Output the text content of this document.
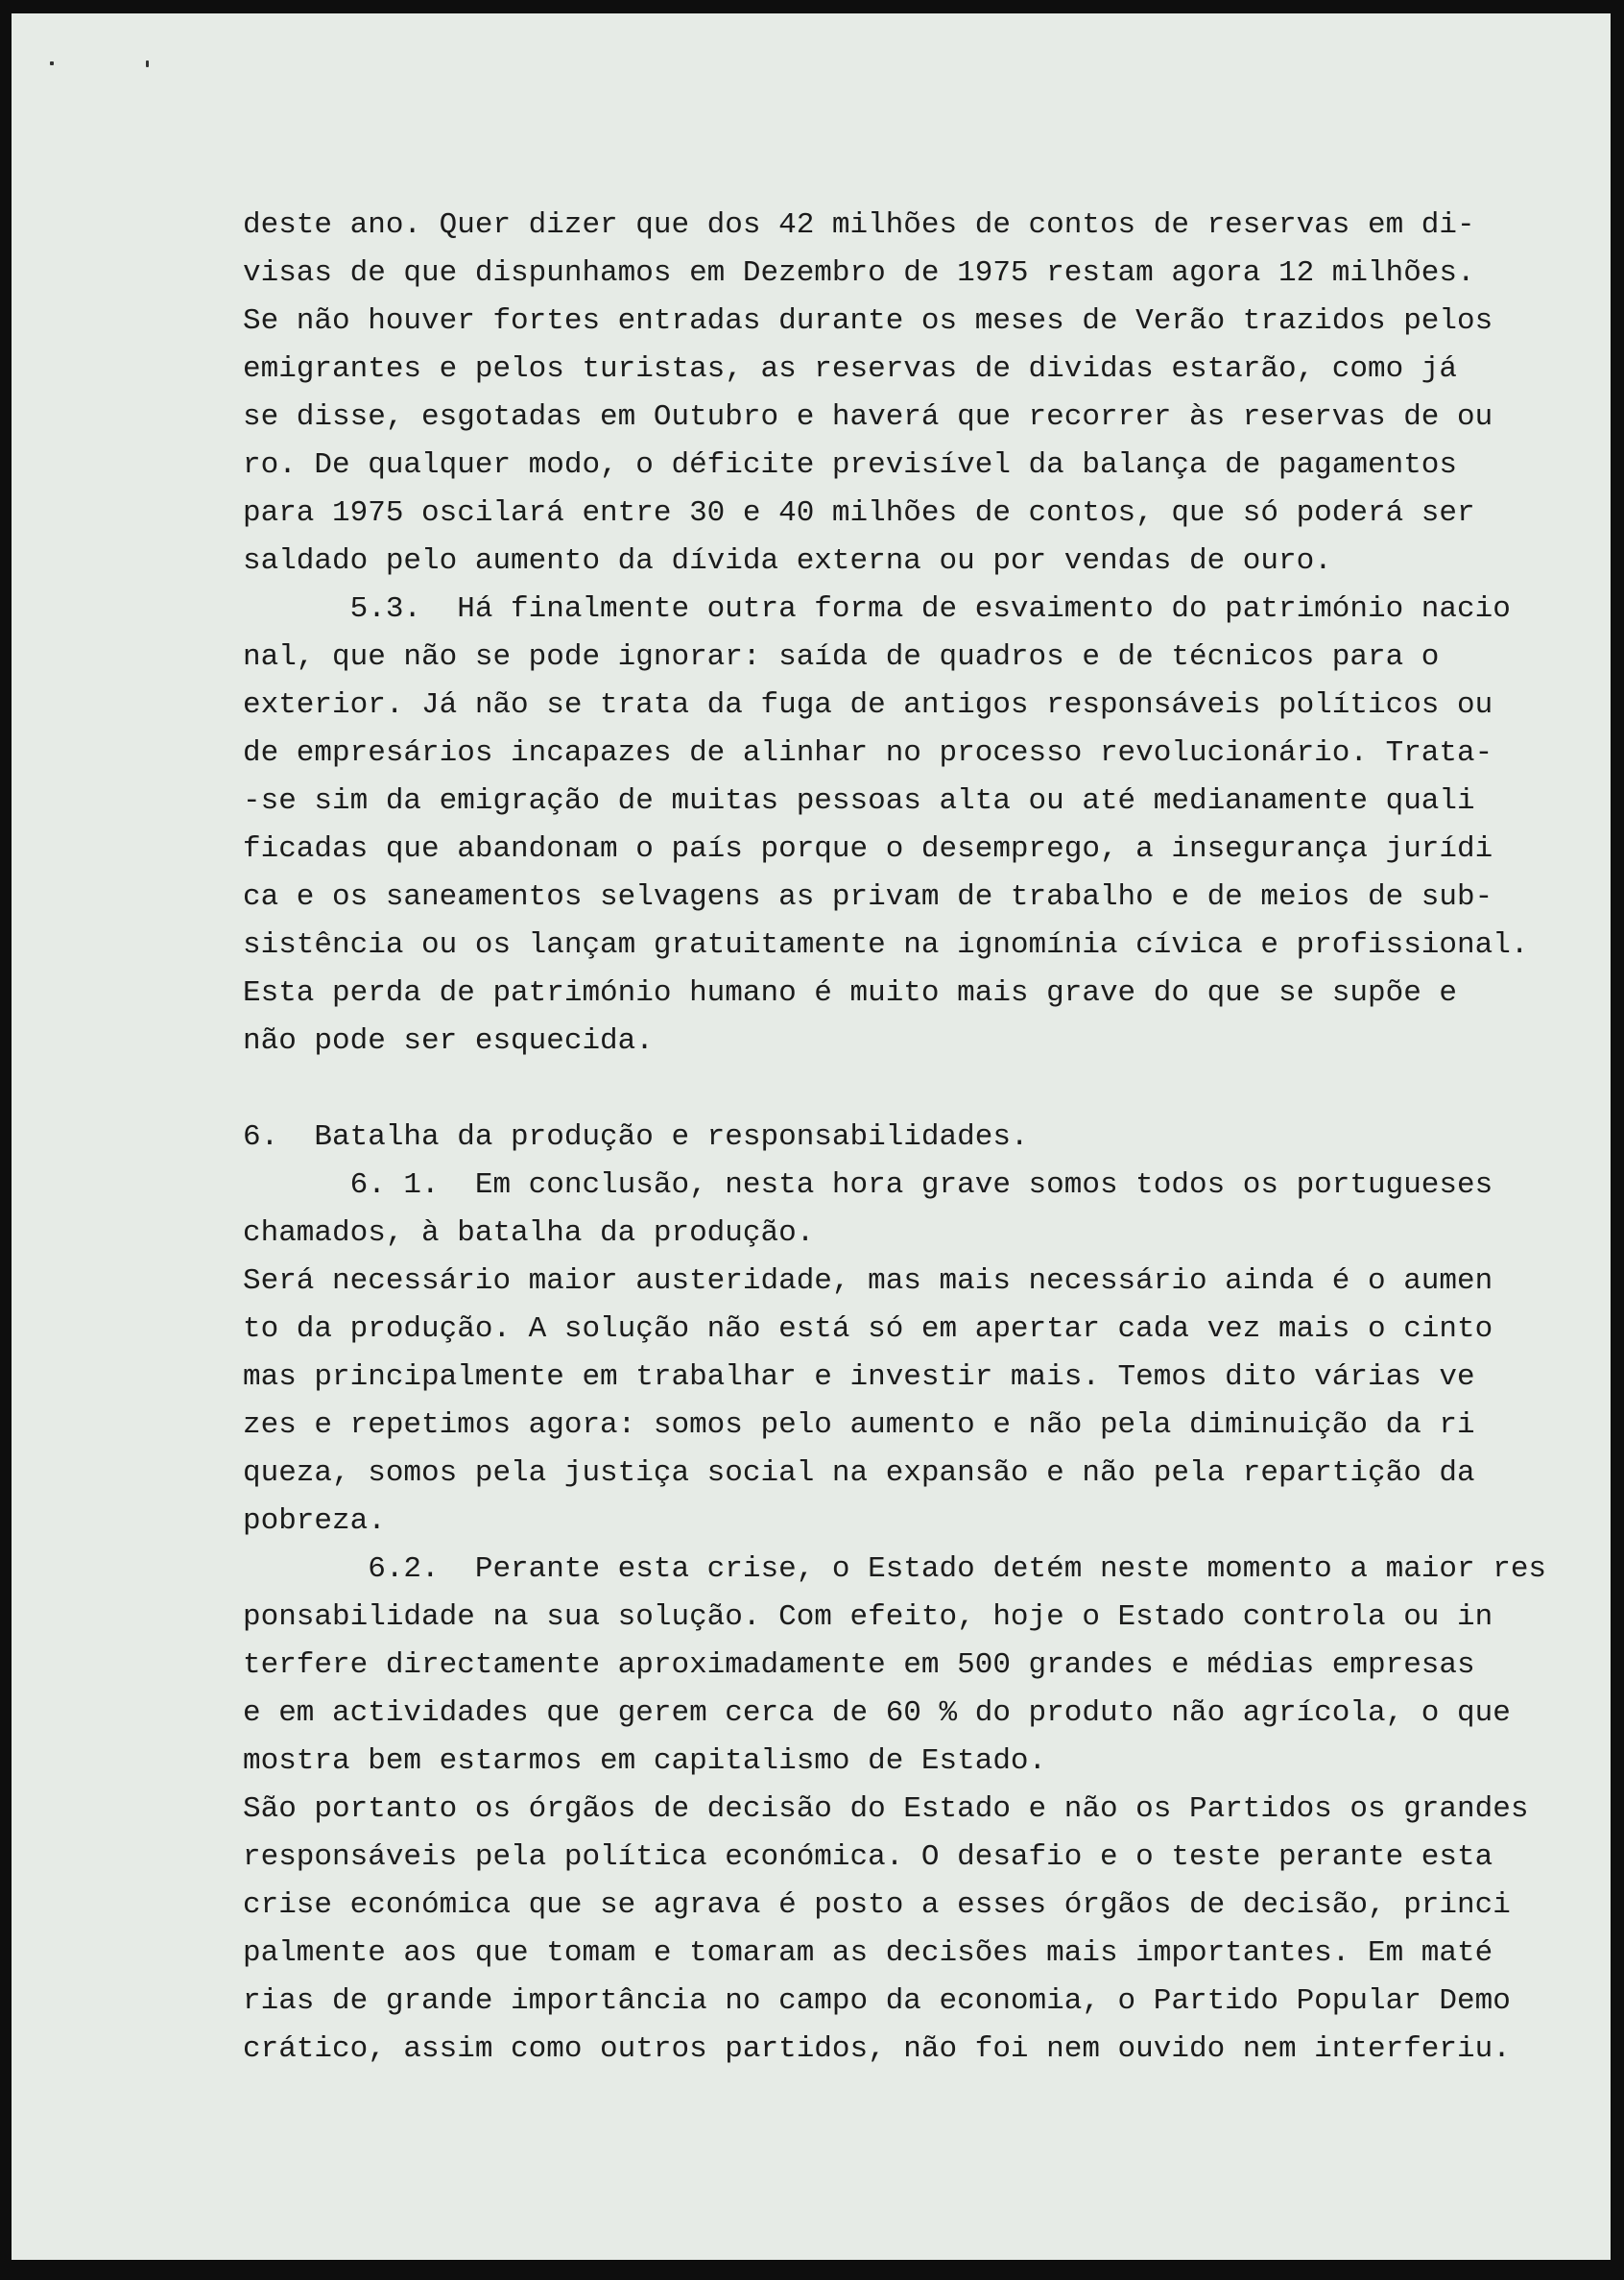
deste ano. Quer dizer que dos 42 milhões de contos de reservas em di-
visas de que dispunhamos em Dezembro de 1975 restam agora 12 milhões.
Se não houver fortes entradas durante os meses de Verão trazidos pelos
emigrantes e pelos turistas, as reservas de dividas estarão, como já
se disse, esgotadas em Outubro e haverá que recorrer às reservas de ou
ro. De qualquer modo, o déficite previsível da balança de pagamentos
para 1975 oscilará entre 30 e 40 milhões de contos, que só poderá ser
saldado pelo aumento da dívida externa ou por vendas de ouro.
5.3.  Há finalmente outra forma de esvaimento do património nacio
nal, que não se pode ignorar: saída de quadros e de técnicos para o
exterior. Já não se trata da fuga de antigos responsáveis políticos ou
de empresários incapazes de alinhar no processo revolucionário. Trata-
-se sim da emigração de muitas pessoas alta ou até medianamente quali
ficadas que abandonam o país porque o desemprego, a insegurança jurídi
ca e os saneamentos selvagens as privam de trabalho e de meios de sub-
sistência ou os lançam gratuitamente na ignomínia cívica e profissional.
Esta perda de património humano é muito mais grave do que se supõe e
não pode ser esquecida.
6.  Batalha da produção e responsabilidades.
6. 1.  Em conclusão, nesta hora grave somos todos os portugueses
chamados, à batalha da produção.
Será necessário maior austeridade, mas mais necessário ainda é o aumen
to da produção. A solução não está só em apertar cada vez mais o cinto
mas principalmente em trabalhar e investir mais. Temos dito várias ve
zes e repetimos agora: somos pelo aumento e não pela diminuição da ri
queza, somos pela justiça social na expansão e não pela repartição da
pobreza.
6.2.  Perante esta crise, o Estado detém neste momento a maior res
ponsabilidade na sua solução. Com efeito, hoje o Estado controla ou in
terfere directamente aproximadamente em 500 grandes e médias empresas
e em actividades que gerem cerca de 60 % do produto não agrícola, o que
mostra bem estarmos em capitalismo de Estado.
São portanto os órgãos de decisão do Estado e não os Partidos os grandes
responsáveis pela política económica. O desafio e o teste perante esta
crise económica que se agrava é posto a esses órgãos de decisão, princi
palmente aos que tomam e tomaram as decisões mais importantes. Em maté
rias de grande importância no campo da economia, o Partido Popular Demo
crático, assim como outros partidos, não foi nem ouvido nem interferiu.
